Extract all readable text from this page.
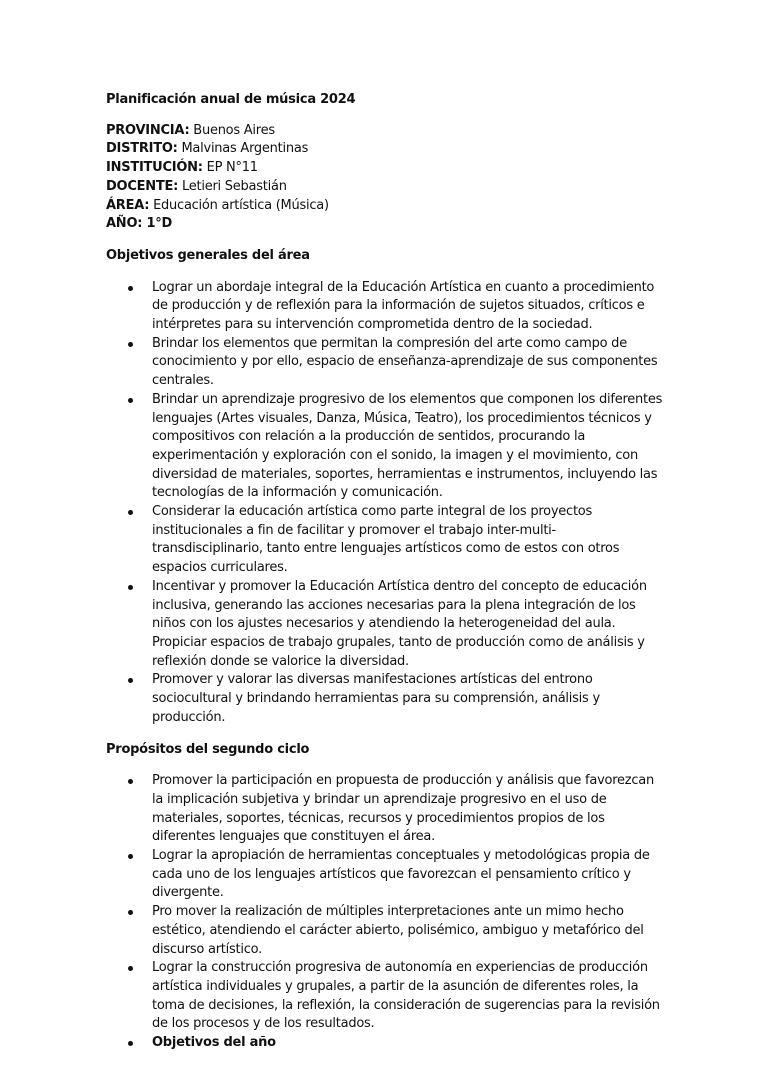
Planificación anual de música 2024
PROVINCIA: Buenos Aires
DISTRITO: Malvinas Argentinas
INSTITUCIÓN: EP N°11
DOCENTE: Letieri Sebastián
ÁREA: Educación artística (Música)
AÑO: 1°D
Objetivos generales del área
Lograr un abordaje integral de la Educación Artística en cuanto a procedimiento de producción y de reflexión para la información de sujetos situados, críticos e intérpretes para su intervención comprometida dentro de la sociedad.
Brindar los elementos que permitan la compresión del arte como campo de conocimiento y por ello, espacio de enseñanza-aprendizaje de sus componentes centrales.
Brindar un aprendizaje progresivo de los elementos que componen los diferentes lenguajes (Artes visuales, Danza, Música, Teatro), los procedimientos técnicos y compositivos con relación a la producción de sentidos, procurando la experimentación y exploración con el sonido, la imagen y el movimiento, con diversidad de materiales, soportes, herramientas e instrumentos, incluyendo las tecnologías de la información y comunicación.
Considerar la educación artística como parte integral de los proyectos institucionales a fin de facilitar y promover el trabajo inter-multi-transdisciplinario, tanto entre lenguajes artísticos como de estos con otros espacios curriculares.
Incentivar y promover la Educación Artística dentro del concepto de educación inclusiva, generando las acciones necesarias para la plena integración de los niños con los ajustes necesarios y atendiendo la heterogeneidad del aula. Propiciar espacios de trabajo grupales, tanto de producción como de análisis y reflexión donde se valorice la diversidad.
Promover y valorar las diversas manifestaciones artísticas del entrono sociocultural y brindando herramientas para su comprensión, análisis y producción.
Propósitos del segundo ciclo
Promover la participación en propuesta de producción y análisis que favorezcan la implicación subjetiva y brindar un aprendizaje progresivo en el uso de materiales, soportes, técnicas, recursos y procedimientos propios de los diferentes lenguajes que constituyen el área.
Lograr la apropiación de herramientas conceptuales y metodológicas propia de cada uno de los lenguajes artísticos que favorezcan el pensamiento crítico y divergente.
Pro mover la realización de múltiples interpretaciones ante un mimo hecho estético, atendiendo el carácter abierto, polisémico, ambiguo y metafórico del discurso artístico.
Lograr la construcción progresiva de autonomía en experiencias de producción artística individuales y grupales, a partir de la asunción de diferentes roles, la toma de decisiones, la reflexión, la consideración de sugerencias para la revisión de los procesos y de los resultados.
Objetivos del año
